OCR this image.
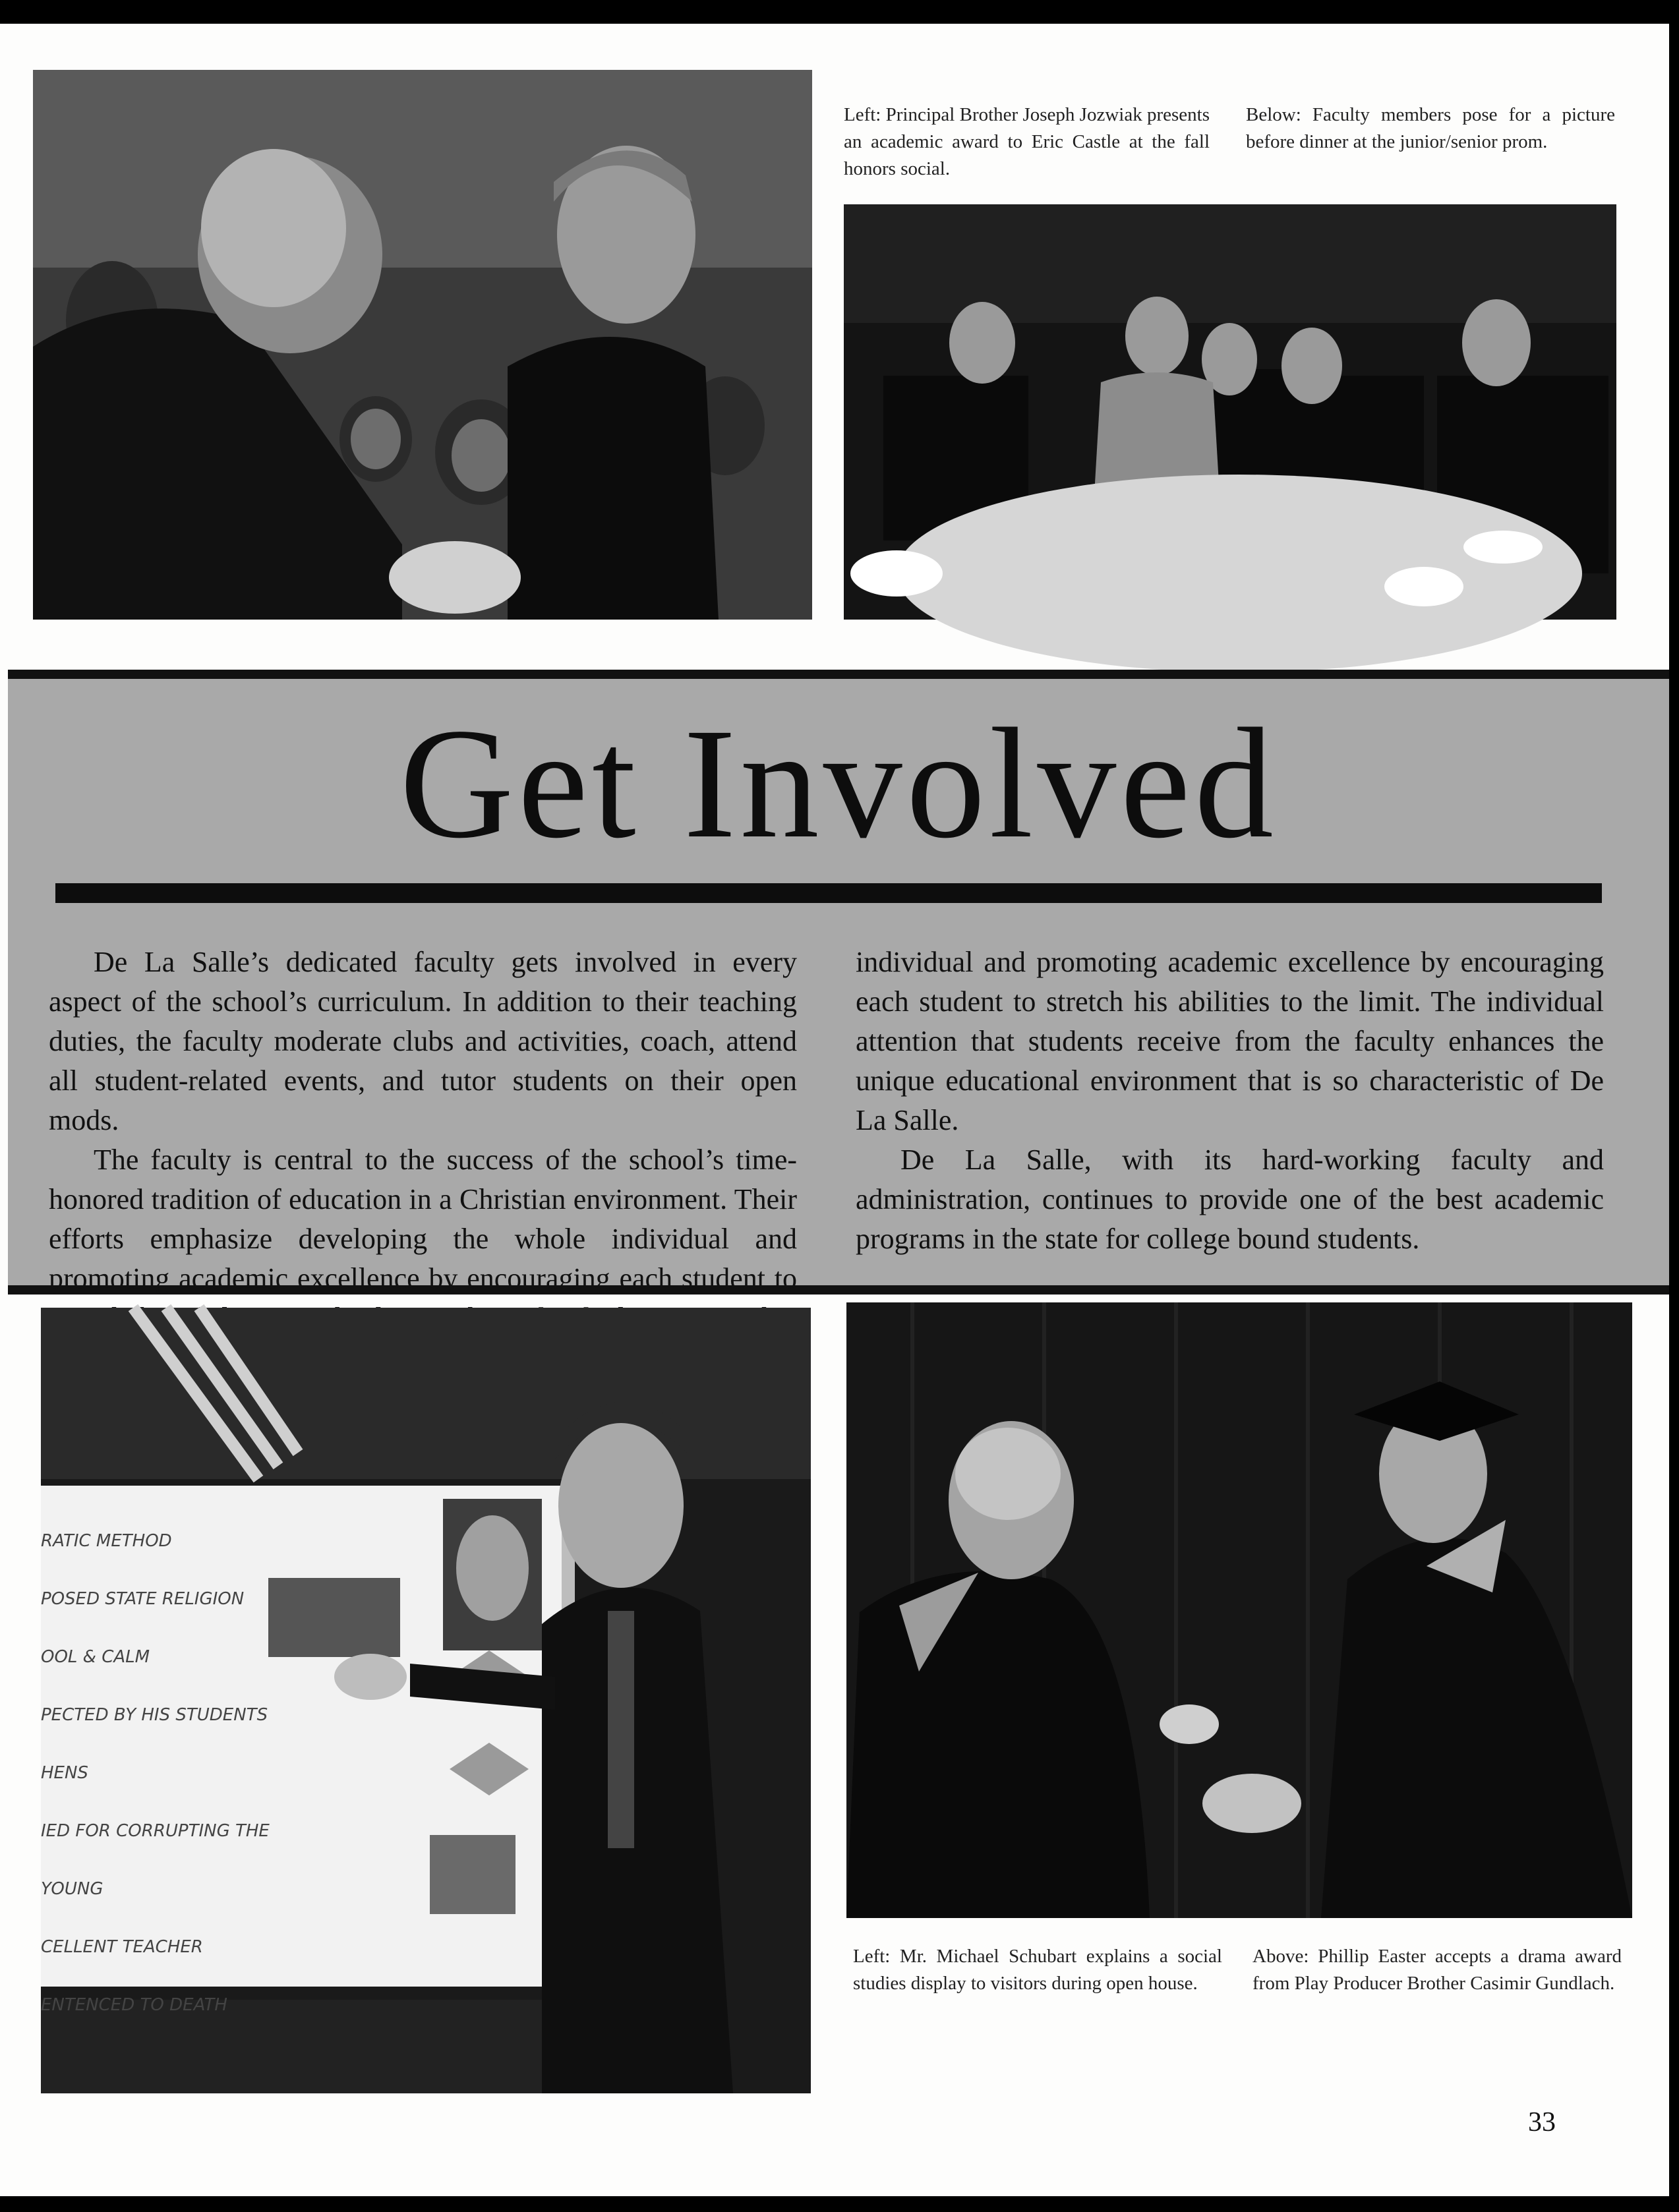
Left: Principal Brother Joseph Jozwiak presents an academic award to Eric Castle at the fall honors social.
Below: Faculty members pose for a picture before dinner at the junior/senior prom.
Get Involved

De La Salle’s dedicated faculty gets involved in every aspect of the school’s curriculum. In addition to their teaching duties, the faculty moderate clubs and activities, coach, attend all student-related events, and tutor students on their open mods.

The faculty is central to the success of the school’s time-honored tradition of education in a Christian environment. Their efforts emphasize developing the whole individual and promoting academic excellence by encouraging each student to

individual and promoting academic excellence by encouraging each student to stretch his abilities to the limit. The individual attention that students receive from the faculty enhances the unique educational environment that is so characteristic of De La Salle.

De La Salle, with its hard-working faculty and administration, continues to provide one of the best academic programs in the state for college bound students.

RATIC METHOD
POSED STATE RELIGION
OOL & CALM
PECTED BY HIS STUDENTS
HENS
IED FOR CORRUPTING THE YOUNG
CELLENT TEACHER
ENTENCED TO DEATH
Left: Mr. Michael Schubart explains a social studies display to visitors during open house.
Above: Phillip Easter accepts a drama award from Play Producer Brother Casimir Gundlach.
33
